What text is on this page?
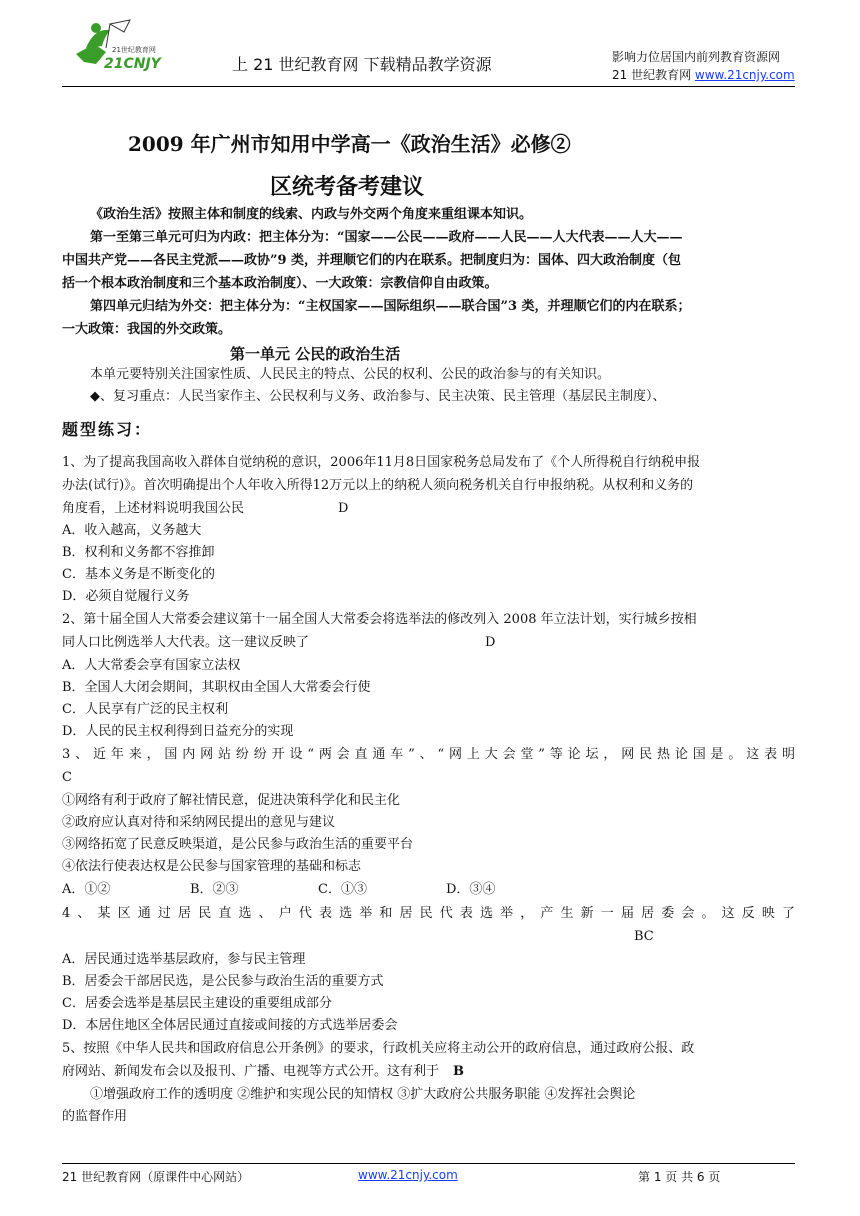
21世纪教育网
21CNJY	上 21 世纪教育网 下载精品教学资源	影响力位居国内前列教育资源网
21 世纪教育网 www.21cnjy.com
2009 年广州市知用中学高一《政治生活》必修②
区统考备考建议
《政治生活》按照主体和制度的线索、内政与外交两个角度来重组课本知识。
第一至第三单元可归为内政：把主体分为：“国家——公民——政府——人民——人大代表——人大——
中国共产党——各民主党派——政协”9 类，并理顺它们的内在联系。把制度归为：国体、四大政治制度（包
括一个根本政治制度和三个基本政治制度）、一大政策：宗教信仰自由政策。
第四单元归结为外交：把主体分为：“主权国家——国际组织——联合国”3 类，并理顺它们的内在联系；
一大政策：我国的外交政策。
第一单元 公民的政治生活
本单元要特别关注国家性质、人民民主的特点、公民的权利、公民的政治参与的有关知识。
◆、复习重点：人民当家作主、公民权利与义务、政治参与、民主决策、民主管理（基层民主制度）、
题型练习：
1、为了提高我国高收入群体自觉纳税的意识，2006年11月8日国家税务总局发布了《个人所得税自行纳税申报
办法(试行)》。首次明确提出个人年收入所得12万元以上的纳税人须向税务机关自行申报纳税。从权利和义务的
角度看，上述材料说明我国公民	D
A．收入越高，义务越大
B．权利和义务都不容推卸
C．基本义务是不断变化的
D．必须自觉履行义务
2、第十届全国人大常委会建议第十一届全国人大常委会将选举法的修改列入 2008 年立法计划，实行城乡按相
同人口比例选举人大代表。这一建议反映了	D
A．人大常委会享有国家立法权
B．全国人大闭会期间，其职权由全国人大常委会行使
C．人民享有广泛的民主权利
D．人民的民主权利得到日益充分的实现
3、近年来，国内网站纷纷开设“两会直通车”、“网上大会堂”等论坛，网民热论国是。这表明
C
①网络有利于政府了解社情民意，促进决策科学化和民主化
②政府应认真对待和采纳网民提出的意见与建议
③网络拓宽了民意反映渠道，是公民参与政治生活的重要平台
④依法行使表达权是公民参与国家管理的基础和标志
A．①②	B．②③	C．①③	D．③④
4、某区通过居民直选、户代表选举和居民代表选举，产生新一届居委会。这反映了
BC
A．居民通过选举基层政府，参与民主管理
B．居委会干部居民选，是公民参与政治生活的重要方式
C．居委会选举是基层民主建设的重要组成部分
D．本居住地区全体居民通过直接或间接的方式选举居委会
5、按照《中华人民共和国政府信息公开条例》的要求，行政机关应将主动公开的政府信息，通过政府公报、政
府网站、新闻发布会以及报刊、广播、电视等方式公开。这有利于 B
①增强政府工作的透明度 ②维护和实现公民的知情权 ③扩大政府公共服务职能 ④发挥社会舆论
的监督作用
21 世纪教育网（原课件中心网站）	www.21cnjy.com	第 1 页 共 6 页
